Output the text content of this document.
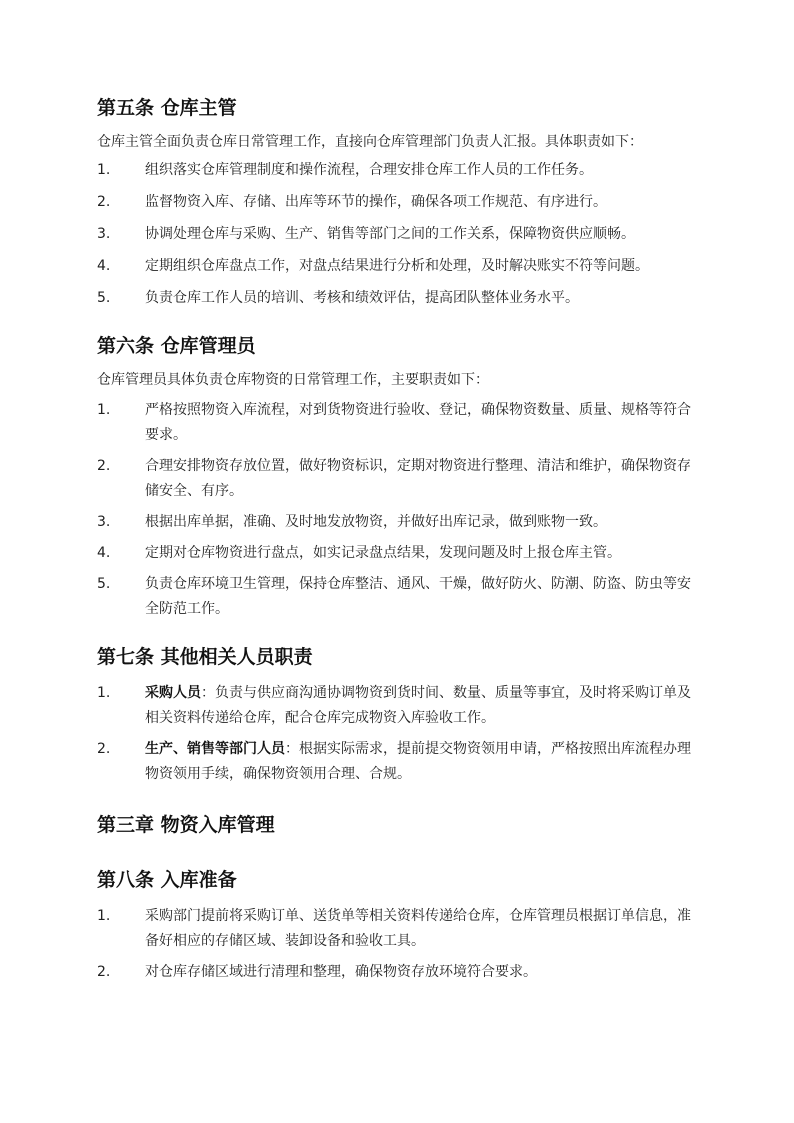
第五条 仓库主管

仓库主管全面负责仓库日常管理工作，直接向仓库管理部门负责人汇报。具体职责如下：

1. 组织落实仓库管理制度和操作流程，合理安排仓库工作人员的工作任务。
2. 监督物资入库、存储、出库等环节的操作，确保各项工作规范、有序进行。
3. 协调处理仓库与采购、生产、销售等部门之间的工作关系，保障物资供应顺畅。
4. 定期组织仓库盘点工作，对盘点结果进行分析和处理，及时解决账实不符等问题。
5. 负责仓库工作人员的培训、考核和绩效评估，提高团队整体业务水平。
第六条 仓库管理员

仓库管理员具体负责仓库物资的日常管理工作，主要职责如下：

1. 严格按照物资入库流程，对到货物资进行验收、登记，确保物资数量、质量、规格等符合要求。
2. 合理安排物资存放位置，做好物资标识，定期对物资进行整理、清洁和维护，确保物资存储安全、有序。
3. 根据出库单据，准确、及时地发放物资，并做好出库记录，做到账物一致。
4. 定期对仓库物资进行盘点，如实记录盘点结果，发现问题及时上报仓库主管。
5. 负责仓库环境卫生管理，保持仓库整洁、通风、干燥，做好防火、防潮、防盗、防虫等安全防范工作。
第七条 其他相关人员职责
1. 采购人员：负责与供应商沟通协调物资到货时间、数量、质量等事宜，及时将采购订单及相关资料传递给仓库，配合仓库完成物资入库验收工作。
2. 生产、销售等部门人员：根据实际需求，提前提交物资领用申请，严格按照出库流程办理物资领用手续，确保物资领用合理、合规。
第三章 物资入库管理
第八条 入库准备
1. 采购部门提前将采购订单、送货单等相关资料传递给仓库，仓库管理员根据订单信息，准备好相应的存储区域、装卸设备和验收工具。
2. 对仓库存储区域进行清理和整理，确保物资存放环境符合要求。
